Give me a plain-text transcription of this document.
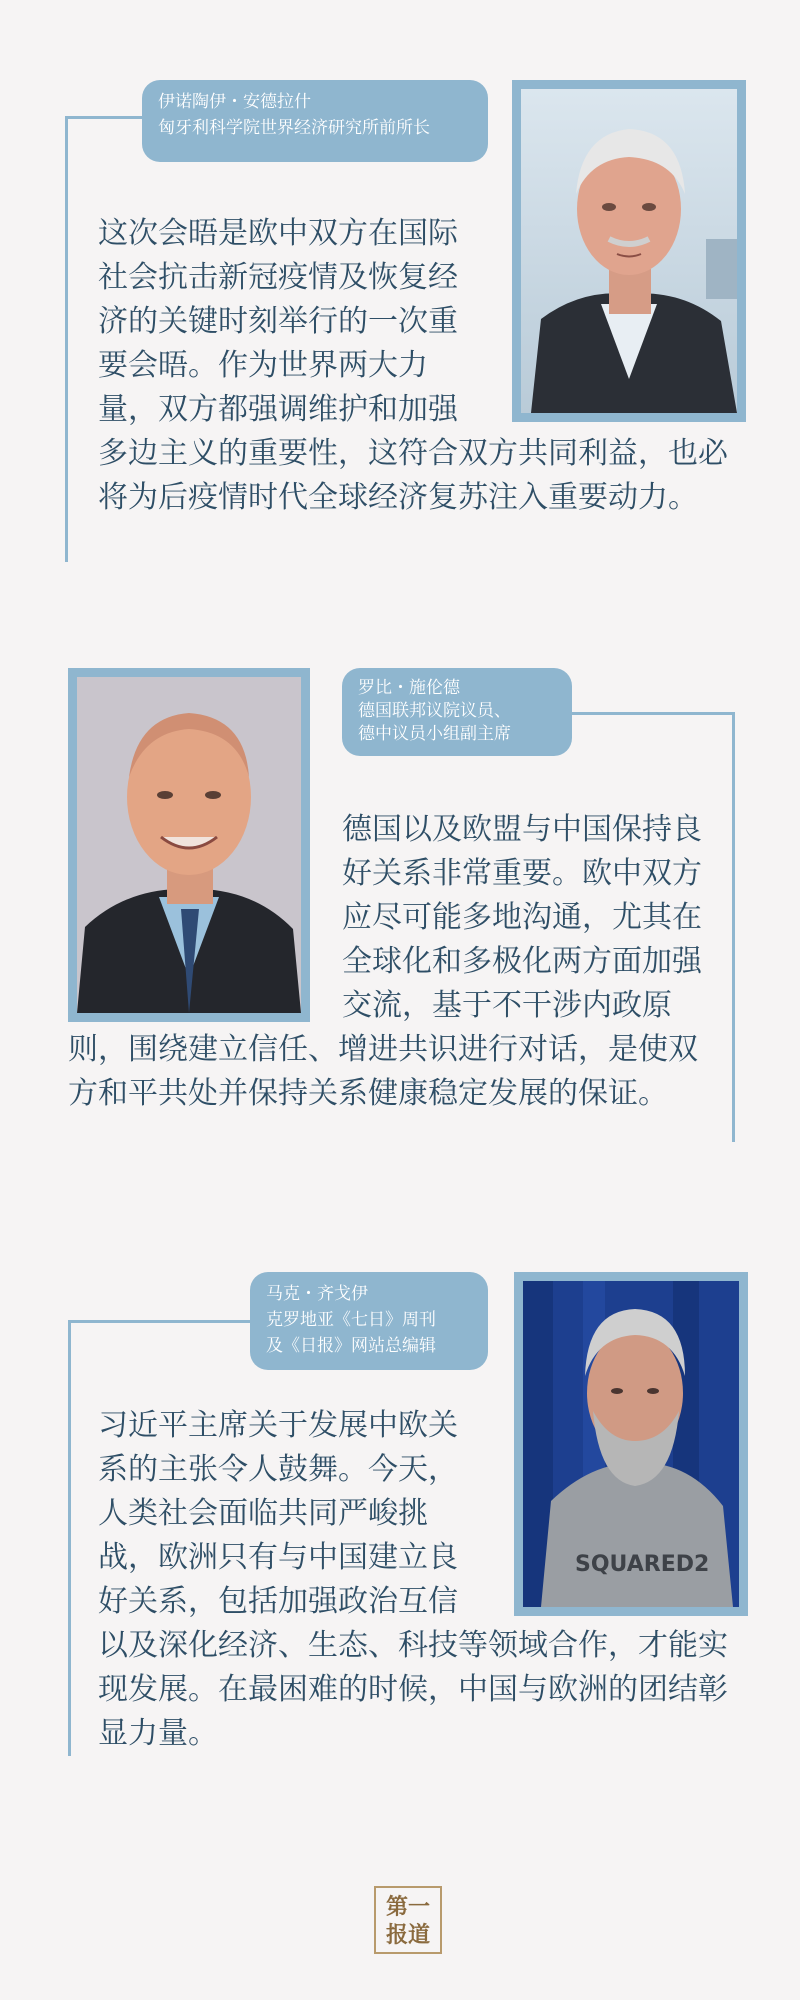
伊诺陶伊・安德拉什
匈牙利科学院世界经济研究所前所长
这次会晤是欧中双方在国际社会抗击新冠疫情及恢复经济的关键时刻举行的一次重要会晤。作为世界两大力量，双方都强调维护和加强多边主义的重要性，这符合双方共同利益，也必将为后疫情时代全球经济复苏注入重要动力。
罗比・施伦德
德国联邦议院议员、
德中议员小组副主席
德国以及欧盟与中国保持良好关系非常重要。欧中双方应尽可能多地沟通，尤其在全球化和多极化两方面加强交流，基于不干涉内政原则，围绕建立信任、增进共识进行对话，是使双方和平共处并保持关系健康稳定发展的保证。
马克・齐戈伊
克罗地亚《七日》周刊
及《日报》网站总编辑
SQUARED2
习近平主席关于发展中欧关系的主张令人鼓舞。今天，人类社会面临共同严峻挑战，欧洲只有与中国建立良好关系，包括加强政治互信以及深化经济、生态、科技等领域合作，才能实现发展。在最困难的时候，中国与欧洲的团结彰显力量。
第一
报道
